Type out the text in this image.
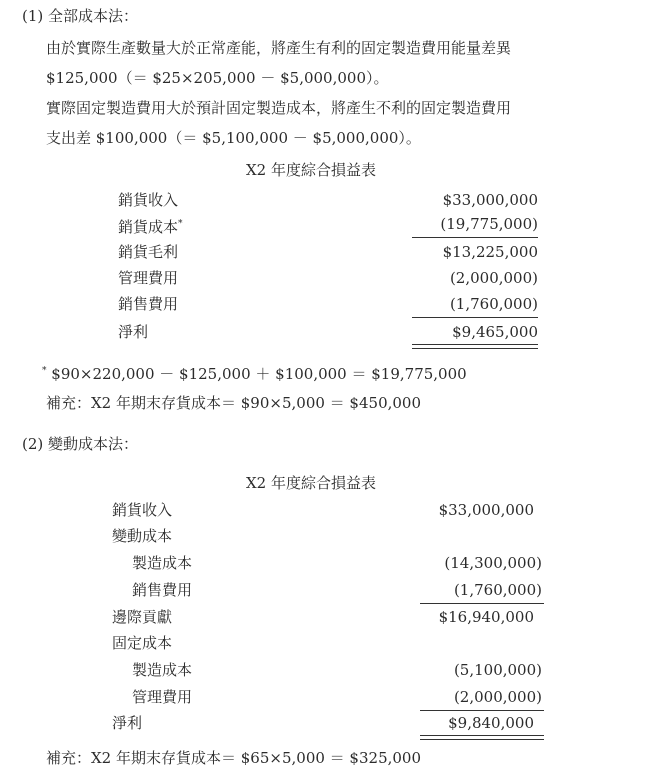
(1) 全部成本法：
由於實際生產數量大於正常產能，將產生有利的固定製造費用能量差異
$125,000（＝ $25×205,000 － $5,000,000）。
實際固定製造費用大於預計固定製造成本，將產生不利的固定製造費用
支出差 $100,000（＝ $5,100,000 － $5,000,000）。
X2 年度綜合損益表
銷貨收入	$33,000,000
銷貨成本*	(19,775,000)
銷貨毛利	$13,225,000
管理費用	(2,000,000)
銷售費用	(1,760,000)
淨利	$9,465,000
* $90×220,000 － $125,000 ＋ $100,000 ＝ $19,775,000
補充：X2 年期末存貨成本＝ $90×5,000 ＝ $450,000
(2) 變動成本法：
X2 年度綜合損益表
銷貨收入	$33,000,000
變動成本
製造成本	(14,300,000)
銷售費用	(1,760,000)
邊際貢獻	$16,940,000
固定成本
製造成本	(5,100,000)
管理費用	(2,000,000)
淨利	$9,840,000
補充：X2 年期末存貨成本＝ $65×5,000 ＝ $325,000
